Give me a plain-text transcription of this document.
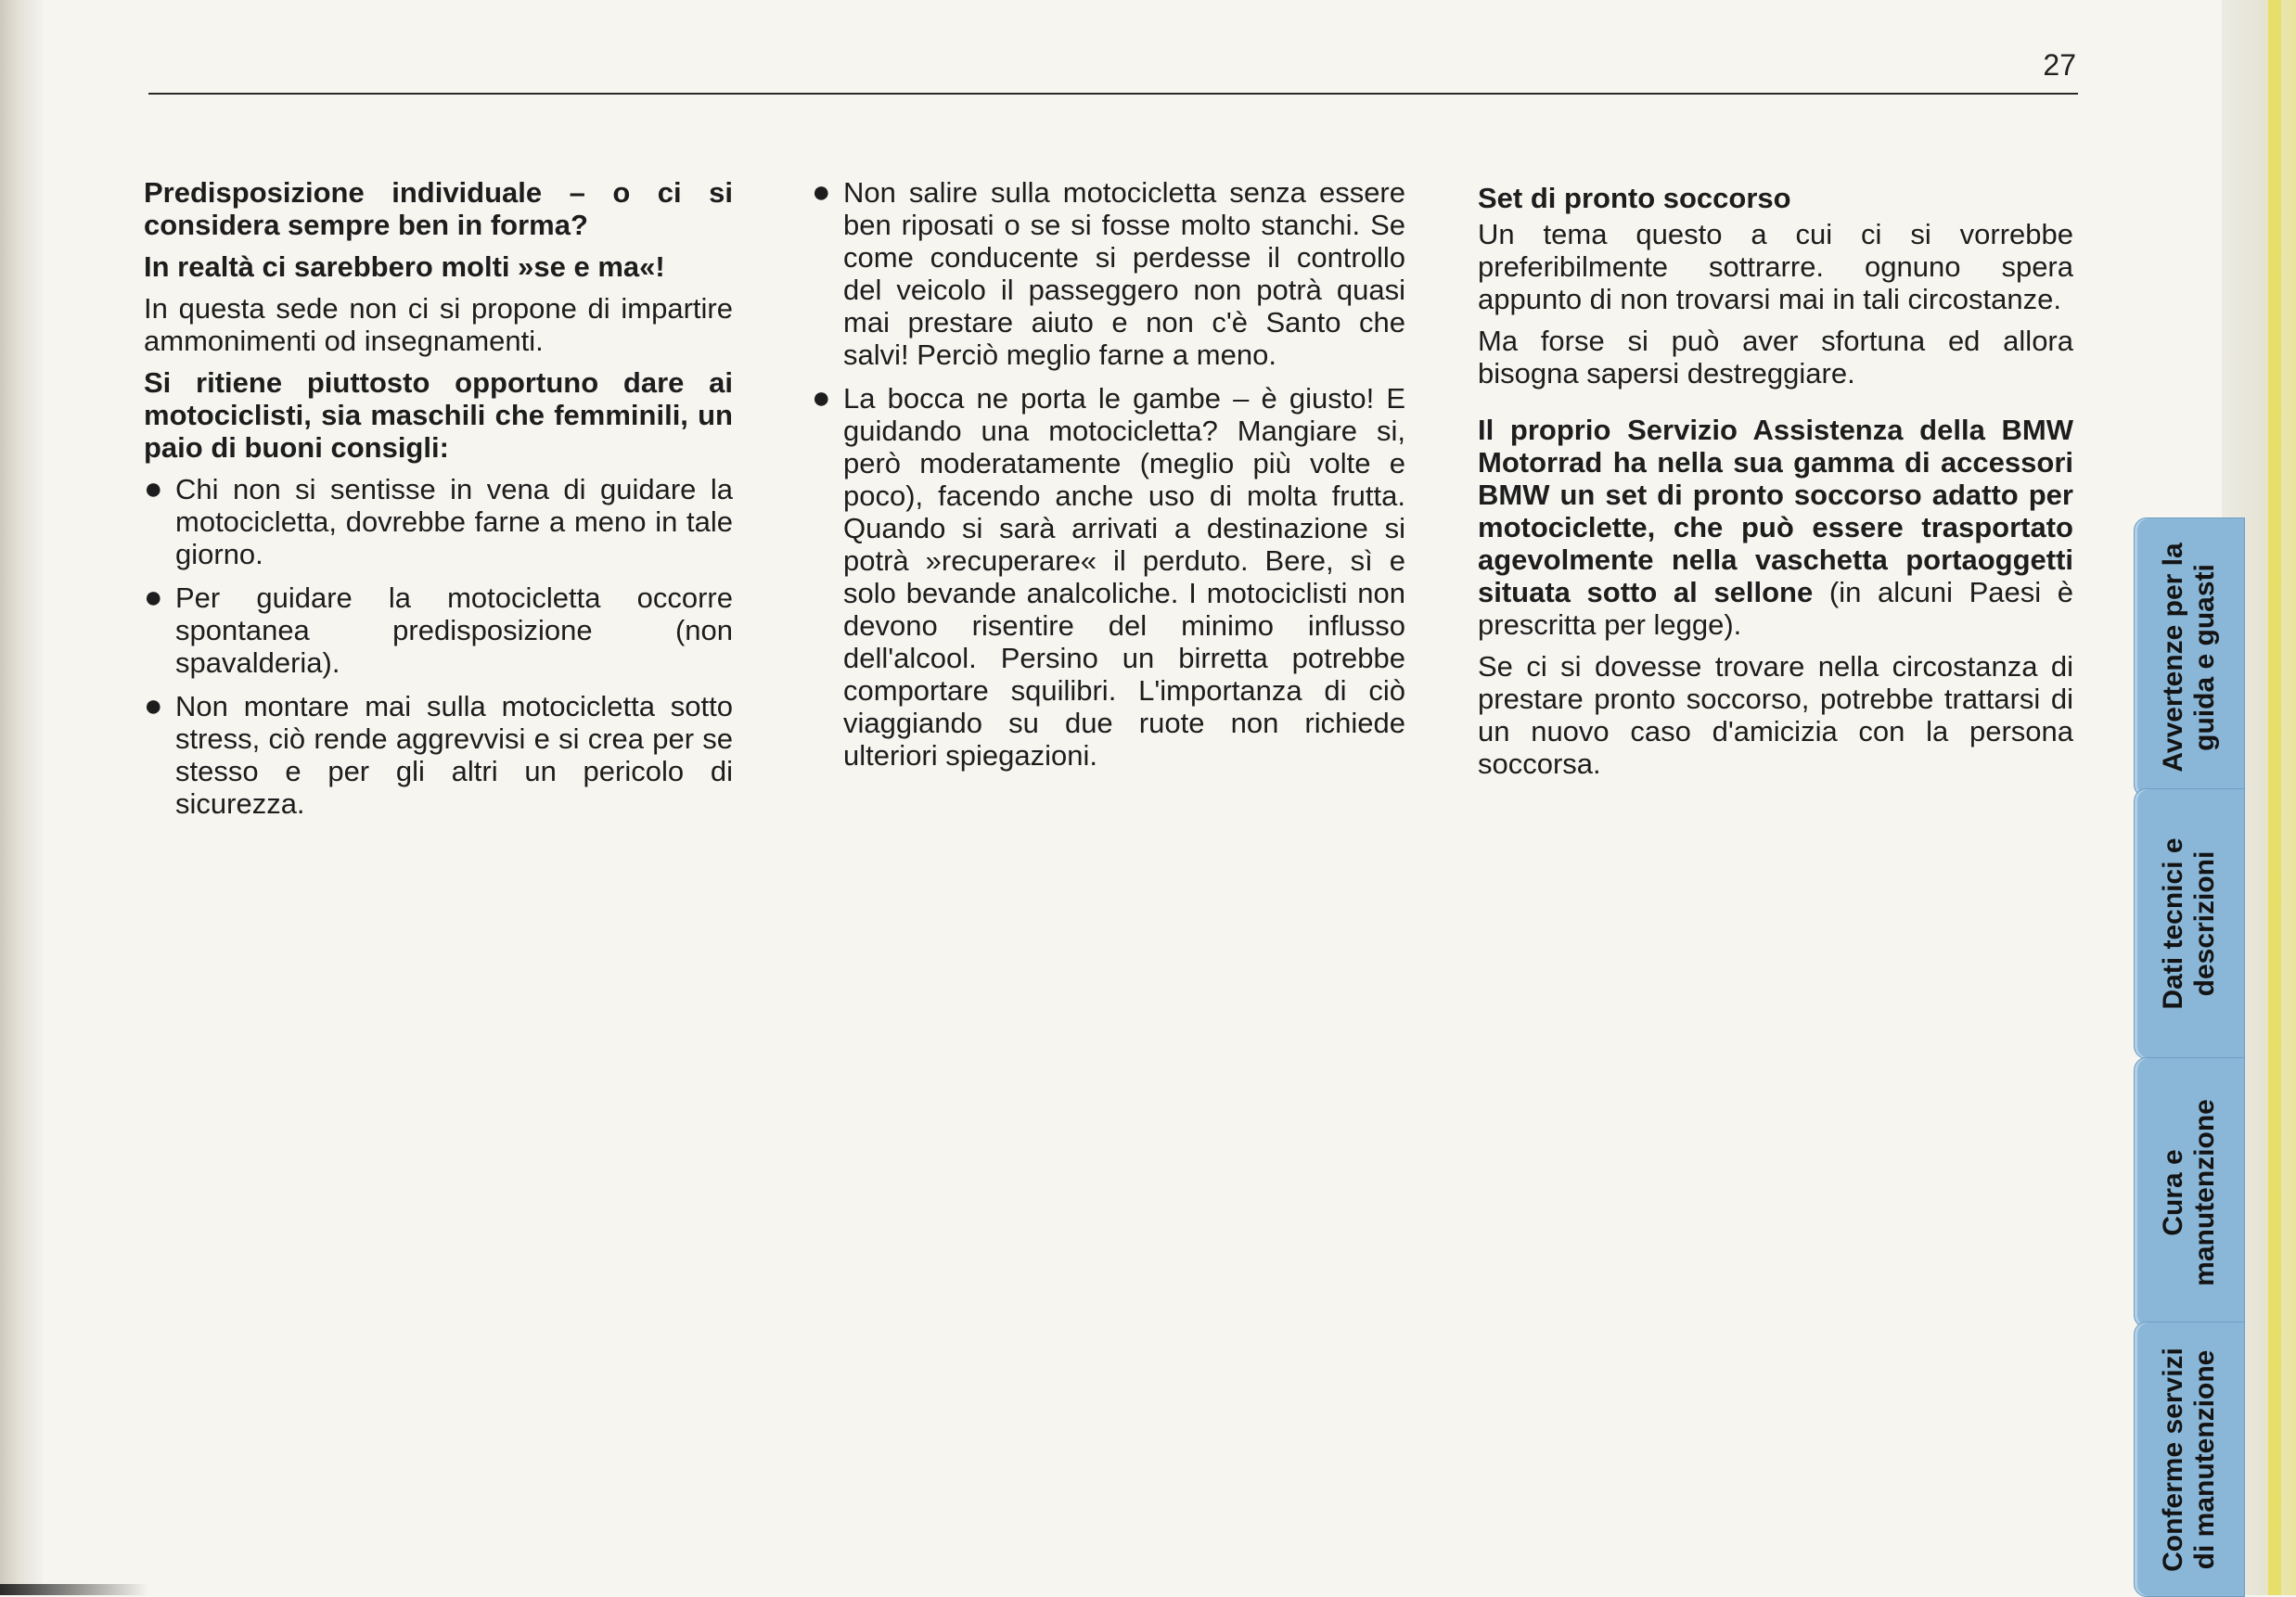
27

Predisposizione individuale – o ci si considera sempre ben in forma?

In realtà ci sarebbero molti »se e ma«!

In questa sede non ci si propone di impartire ammonimenti od insegnamenti.

Si ritiene piuttosto opportuno dare ai motociclisti, sia maschili che femminili, un paio di buoni consigli:

● Chi non si sentisse in vena di guidare la motocicletta, dovrebbe farne a meno in tale giorno.
● Per guidare la motocicletta occorre spontanea predisposizione (non spavalderia).
● Non montare mai sulla motocicletta sotto stress, ciò rende aggrevvisi e si crea per se stesso e per gli altri un pericolo di sicurezza.
● Non salire sulla motocicletta senza essere ben riposati o se si fosse molto stanchi. Se come conducente si perdesse il controllo del veicolo il passeggero non potrà quasi mai prestare aiuto e non c'è Santo che salvi! Perciò meglio farne a meno.
● La bocca ne porta le gambe – è giusto! E guidando una motocicletta? Mangiare si, però moderatamente (meglio più volte e poco), facendo anche uso di molta frutta. Quando si sarà arrivati a destinazione si potrà »recuperare« il perduto. Bere, sì e solo bevande analcoliche. I motociclisti non devono risentire del minimo influsso dell'alcool. Persino un birretta potrebbe comportare squilibri. L'importanza di ciò viaggiando su due ruote non richiede ulteriori spiegazioni.

Set di pronto soccorso

Un tema questo a cui ci si vorrebbe preferibilmente sottrarre. ognuno spera appunto di non trovarsi mai in tali circostanze.

Ma forse si può aver sfortuna ed allora bisogna sapersi destreggiare.

Il proprio Servizio Assistenza della BMW Motorrad ha nella sua gamma di accessori BMW un set di pronto soccorso adatto per motociclette, che può essere trasportato agevolmente nella vaschetta portaoggetti situata sotto al sellone (in alcuni Paesi è prescritta per legge).

Se ci si dovesse trovare nella circostanza di prestare pronto soccorso, potrebbe trattarsi di un nuovo caso d'amicizia con la persona soccorsa.	Avvertenze per la guida e guasti
Dati tecnici e descrizioni
Cura e manutenzione
Conferme servizi di manutenzione
